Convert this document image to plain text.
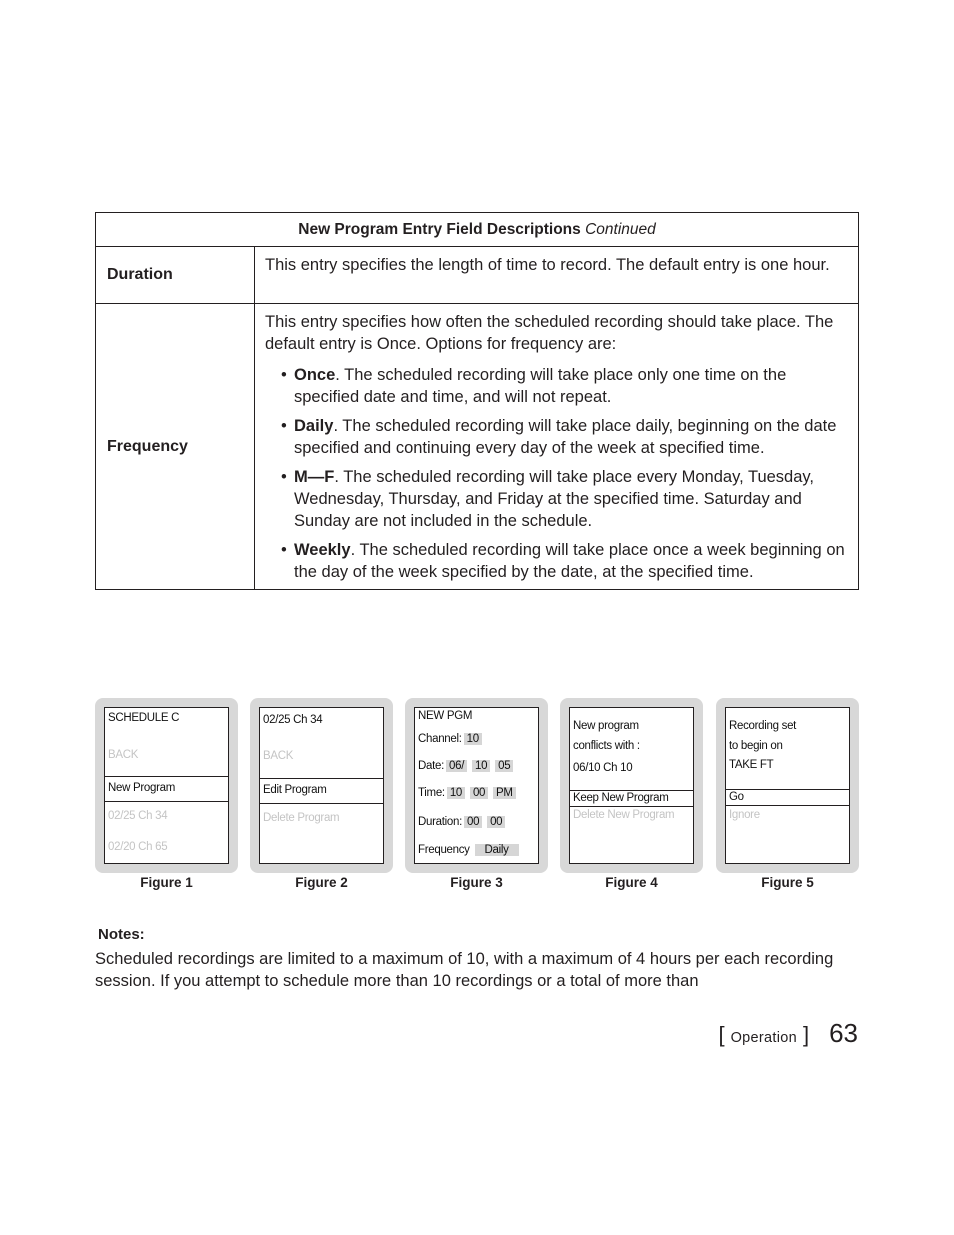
New Program Entry Field Descriptions Continued
Duration

This entry specifies the length of time to record. The default entry is one hour.

Frequency

This entry specifies how often the scheduled recording should take place. The default entry is Once. Options for frequency are:

• Once. The scheduled recording will take place only one time on the specified date and time, and will not repeat.
• Daily. The scheduled recording will take place daily, beginning on the date specified and continuing every day of the week at specified time.
• M—F. The scheduled recording will take place every Monday, Tuesday, Wednesday, Thursday, and Friday at the specified time. Saturday and Sunday are not included in the schedule.
• Weekly. The scheduled recording will take place once a week beginning on the day of the week specified by the date, at the specified time.
SCHEDULE C
BACK
New Program
02/25 Ch 34
02/20 Ch 65
Figure 1
02/25 Ch 34
BACK
Edit Program
Delete Program
Figure 2
NEW PGM
Channel: 10
Date: 06/ 10 05
Time: 10 00 PM
Duration: 00 00
Frequency Daily
Figure 3
New program
conflicts with :
06/10 Ch 10
Keep New Program
Delete New Program
Figure 4
Recording set
to begin on
TAKE FT
Go
Ignore
Figure 5
Notes:

Scheduled recordings are limited to a maximum of 10, with a maximum of 4 hours per each recording session. If you attempt to schedule more than 10 recordings or a total of more than

[ Operation ] 63
